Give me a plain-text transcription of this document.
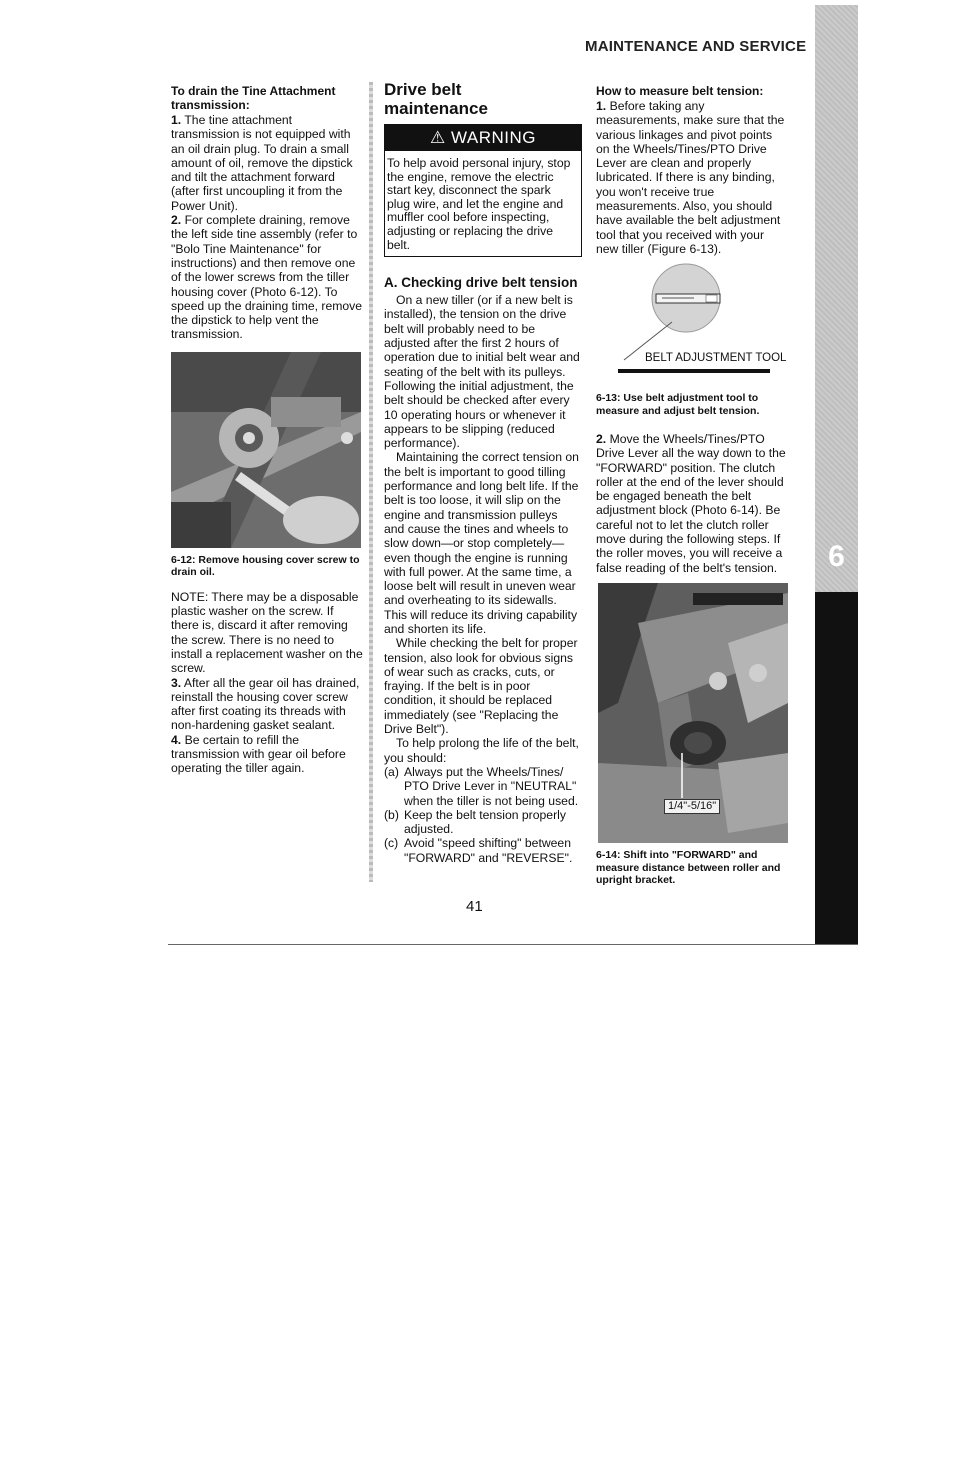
6
MAINTENANCE AND SERVICE
To drain the Tine Attachment transmission:

1. The tine attachment transmission is not equipped with an oil drain plug. To drain a small amount of oil, remove the dipstick and tilt the attachment forward (after first uncoupling it from the Power Unit).

2. For complete draining, remove the left side tine assembly (refer to "Bolo Tine Maintenance" for instructions) and then remove one of the lower screws from the tiller housing cover (Photo 6-12). To speed up the draining time, remove the dipstick to help vent the transmission.

6-12: Remove housing cover screw to drain oil.

NOTE: There may be a disposable plastic washer on the screw. If there is, discard it after removing the screw. There is no need to install a replacement washer on the screw.

3. After all the gear oil has drained, reinstall the housing cover screw after first coating its threads with non-hardening gasket sealant.

4. Be certain to refill the transmission with gear oil before operating the tiller again.

Drive belt
maintenance
⚠ WARNING
To help avoid personal injury, stop the engine, remove the electric start key, disconnect the spark plug wire, and let the engine and muffler cool before inspecting, adjusting or replacing the drive belt.
A. Checking drive belt tension

On a new tiller (or if a new belt is installed), the tension on the drive belt will probably need to be adjusted after the first 2 hours of operation due to initial belt wear and seating of the belt with its pulleys. Following the initial adjustment, the belt should be checked after every 10 operating hours or whenever it appears to be slipping (reduced performance).

Maintaining the correct tension on the belt is important to good tilling performance and long belt life. If the belt is too loose, it will slip on the engine and transmission pulleys and cause the tines and wheels to slow down—or stop completely—even though the engine is running with full power. At the same time, a loose belt will result in uneven wear and overheating to its sidewalls. This will reduce its driving capability and shorten its life.

While checking the belt for proper tension, also look for obvious signs of wear such as cracks, cuts, or fraying. If the belt is in poor condition, it should be replaced immediately (see "Replacing the Drive Belt").

To help prolong the life of the belt, you should:

(a) Always put the Wheels/Tines/ PTO Drive Lever in "NEUTRAL" when the tiller is not being used.
(b) Keep the belt tension properly adjusted.
(c) Avoid "speed shifting" between "FORWARD" and "REVERSE".
How to measure belt tension:

1. Before taking any measurements, make sure that the various linkages and pivot points on the Wheels/Tines/PTO Drive Lever are clean and properly lubricated. If there is any binding, you won't receive true measurements. Also, you should have available the belt adjustment tool that you received with your new tiller (Figure 6-13).

BELT ADJUSTMENT TOOL
6-13: Use belt adjustment tool to measure and adjust belt tension.

2. Move the Wheels/Tines/PTO Drive Lever all the way down to the "FORWARD" position. The clutch roller at the end of the lever should be engaged beneath the belt adjustment block (Photo 6-14). Be careful not to let the clutch roller move during the following steps. If the roller moves, you will receive a false reading of the belt's tension.

1/4"-5/16"
6-14: Shift into "FORWARD" and measure distance between roller and upright bracket.
41
